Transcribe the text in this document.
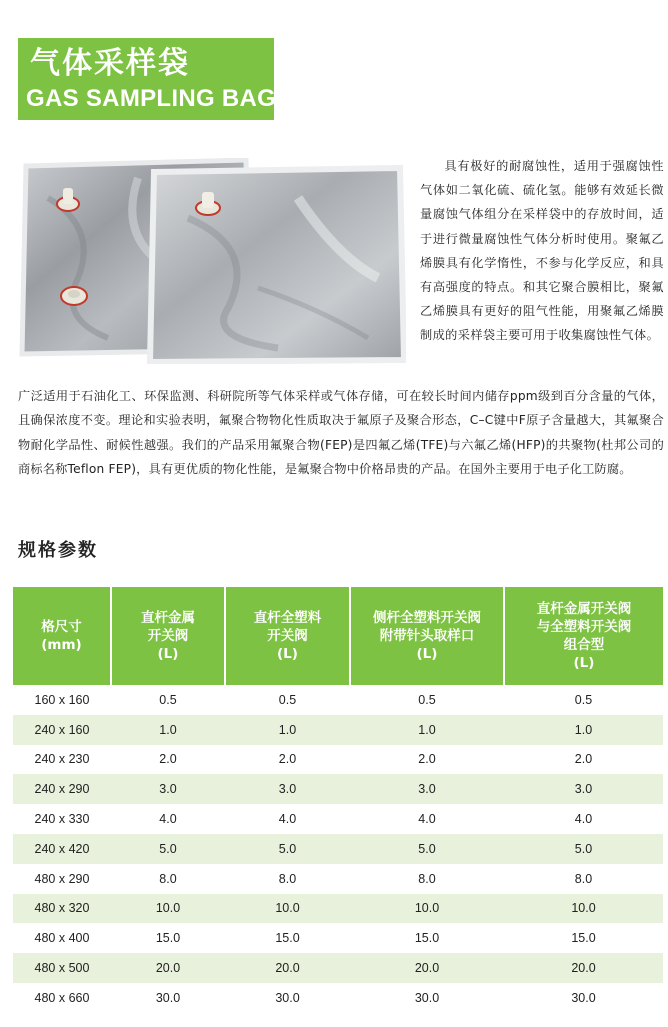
气体采样袋
GAS SAMPLING BAG

具有极好的耐腐蚀性，适用于强腐蚀性气体如二氧化硫、硫化氢。能够有效延长微量腐蚀气体组分在采样袋中的存放时间，适于进行微量腐蚀性气体分析时使用。聚氟乙烯膜具有化学惰性，不参与化学反应，和具有高强度的特点。和其它聚合膜相比，聚氟乙烯膜具有更好的阻气性能，用聚氟乙烯膜制成的采样袋主要可用于收集腐蚀性气体。

广泛适用于石油化工、环保监测、科研院所等气体采样或气体存储，可在较长时间内储存ppm级到百分含量的气体，且确保浓度不变。理论和实验表明，氟聚合物物化性质取决于氟原子及聚合形态，C–C键中F原子含量越大，其氟聚合物耐化学品性、耐候性越强。我们的产品采用氟聚合物(FEP)是四氟乙烯(TFE)与六氟乙烯(HFP)的共聚物(杜邦公司的商标名称Teflon FEP)，具有更优质的物化性能，是氟聚合物中价格昂贵的产品。在国外主要用于电子化工防腐。

规格参数
格尺寸
(mm)	直杆金属
开关阀
(L)	直杆全塑料
开关阀
(L)	侧杆全塑料开关阀
附带针头取样口
(L)	直杆金属开关阀
与全塑料开关阀
组合型
(L)

160 x 160	0.5	0.5	0.5	0.5
240 x 160	1.0	1.0	1.0	1.0
240 x 230	2.0	2.0	2.0	2.0
240 x 290	3.0	3.0	3.0	3.0
240 x 330	4.0	4.0	4.0	4.0
240 x 420	5.0	5.0	5.0	5.0
480 x 290	8.0	8.0	8.0	8.0
480 x 320	10.0	10.0	10.0	10.0
480 x 400	15.0	15.0	15.0	15.0
480 x 500	20.0	20.0	20.0	20.0
480 x 660	30.0	30.0	30.0	30.0
